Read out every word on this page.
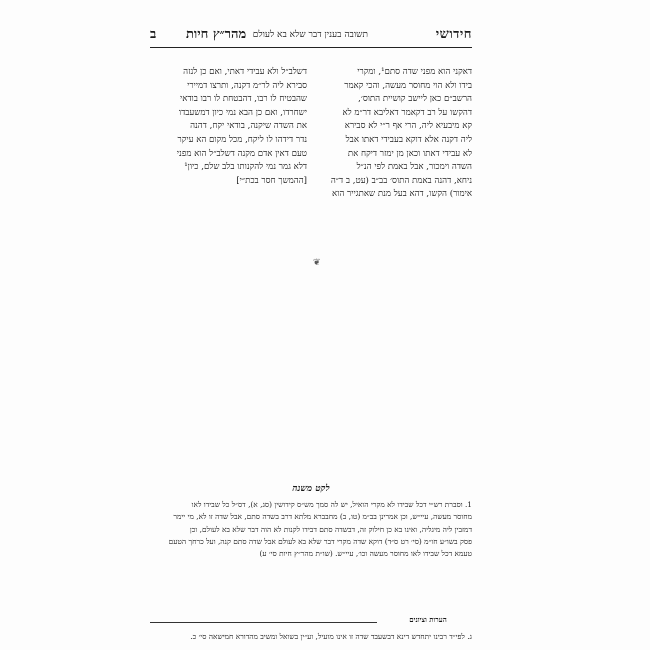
חידושי
תשובה בענין דבר שלא בא לעולם
ב מהר״ץ חיות
דאקני הוא מפני שדה סתם¹, ומקרי
בידו ולא הוי מחוסר מעשה, והכי קאמר
הרשב״ם כאן ליישב קושיית התוס׳,
דהקשו על רב דקאמר דאליבא דר״מ לא
קא מיבעיא ליה, הרי אף ר״י לא סבירא
ליה דקנה אלא דוקא בעבידי דאתו אבל
לא עבידי דאתו וכאן מן ימזר דיקח את
השדה וימכור, אבל באמת לפי הנ״ל
ניחא, דהנה באמת התוס׳ בב״ב (עט, ב ד״ה
אימור) הקשו, דהא בעל מנת שאתגייר הוא
דשלב״ל ולא עבידי דאתי, ואם כן לנזה
סבירא ליה לר״מ דקנה, ותרצו דמיירי
שהבטיח לו רבו, דהבטחת לו רבו בודאי
ישחרדו, ואם כן הבא נמי כיון דמשעבדו
את השדה שיקנה, בודאי יקח, דהנה
נדר דידהו לו ליקח, מכל מקום הא עיקר
טעם דאין אדם מקנה דשלב״ל הוא מפני
דלא גמר נמי להקנותו בלב שלם, כיון¹
[ההמשך חסר בכת״י]
❦
לקט משנה
1. וסברת רש״י דכל שבידו לא מקרי הואיל, יש לה סמך מש״ס קידושין (סג, א), דס״ל כל שבידו לאו
מחוסר מעשה, עיי״ש, וכן אמרינן בב״מ (טו, ב) מחבברא מלתא דרב בשדה סתם, אבל שדה זו לא, מי יימר
דמזבין ליה מיגליה, ואינו בא כן חילוק זה, דבשדה סתם דבידו לקנות לא הוה דבר שלא בא לעולם, וכן
פסק בשו״ע חו״מ (סי׳ רט ס״ד) דוקא שדה מקרי דבר שלא בא לעולם אבל שדה סתם קנה, ועל כרחך הטעם
טעמא דכל שבידו לאו מחוסר מעשה וכו׳, עיי״ש. (שו״ת מהר״ץ חיות סי׳ ע)
הערות וציונים
ג. לפי״ד רבינו יתחדש דינא דבשעבד שדה זו אינו מועיל, וע״ין בשואל ומשיב מהדורא חמישאה סי׳ כ.
